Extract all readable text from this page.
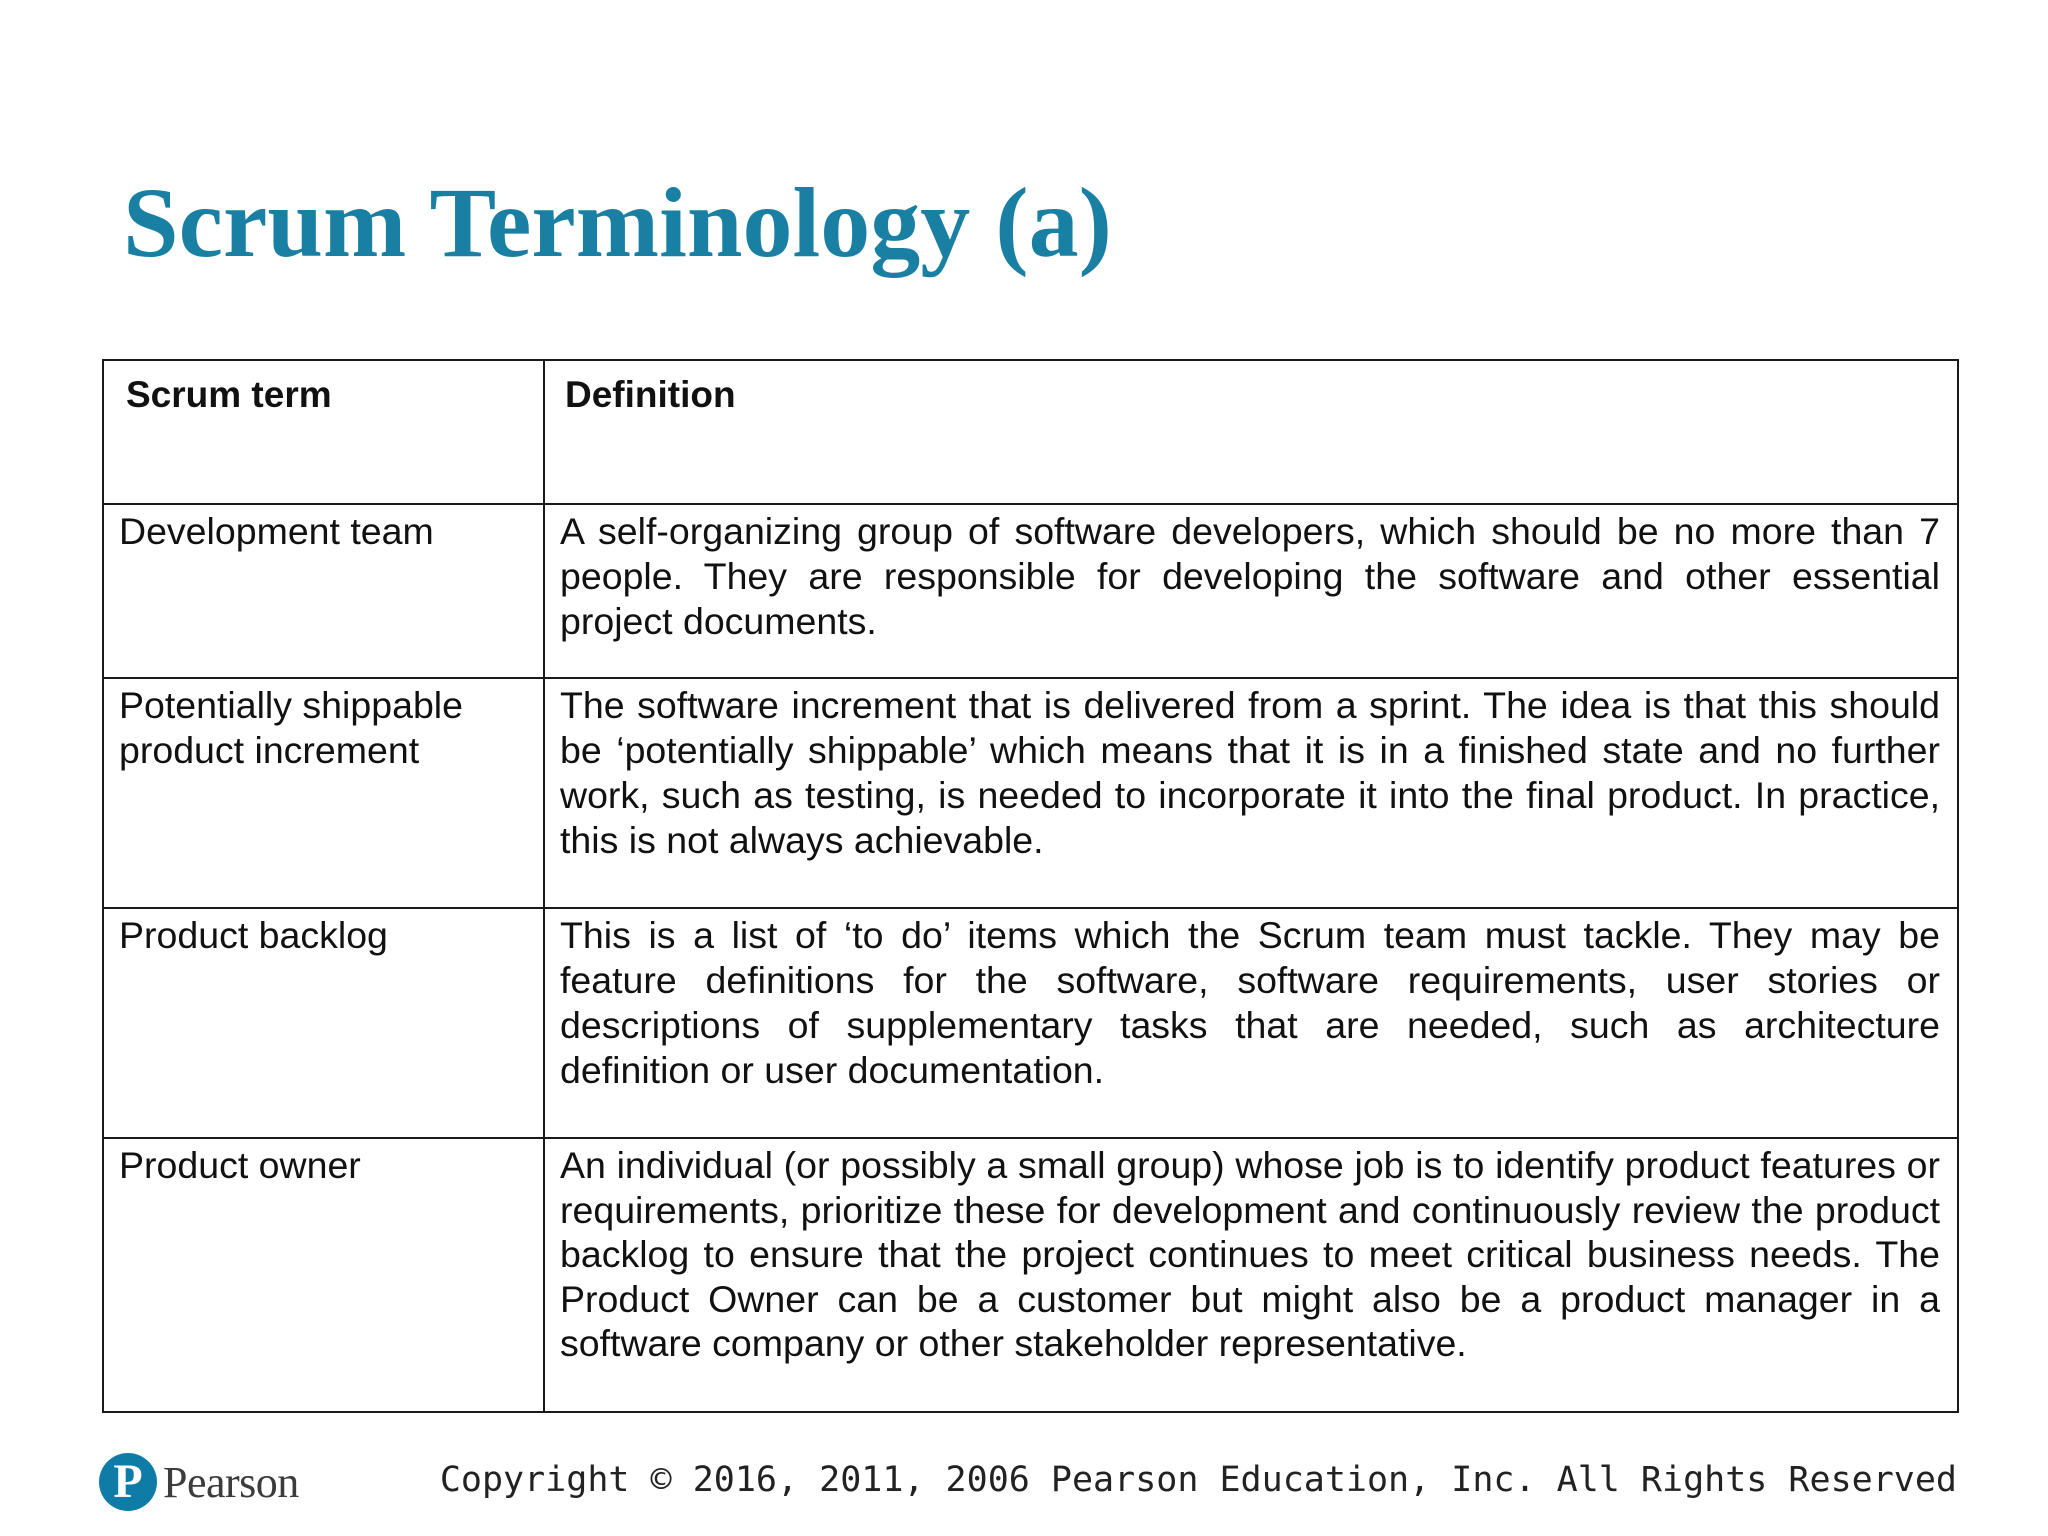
Scrum Terminology (a)
Scrum term	Definition
Development team	A self-organizing group of software developers, which should be no more than 7 people. They are responsible for developing the software and other essential project documents.
Potentially shippable product increment	The software increment that is delivered from a sprint. The idea is that this should be ‘potentially shippable’ which means that it is in a finished state and no further work, such as testing, is needed to incorporate it into the final product. In practice, this is not always achievable.
Product backlog	This is a list of ‘to do’ items which the Scrum team must tackle. They may be feature definitions for the software, software requirements, user stories or descriptions of supplementary tasks that are needed, such as architecture definition or user documentation.
Product owner	An individual (or possibly a small group) whose job is to identify product features or requirements, prioritize these for development and continuously review the product backlog to ensure that the project continues to meet critical business needs. The Product Owner can be a customer but might also be a product manager in a software company or other stakeholder representative.
P Pearson	Copyright © 2016, 2011, 2006 Pearson Education, Inc. All Rights Reserved
